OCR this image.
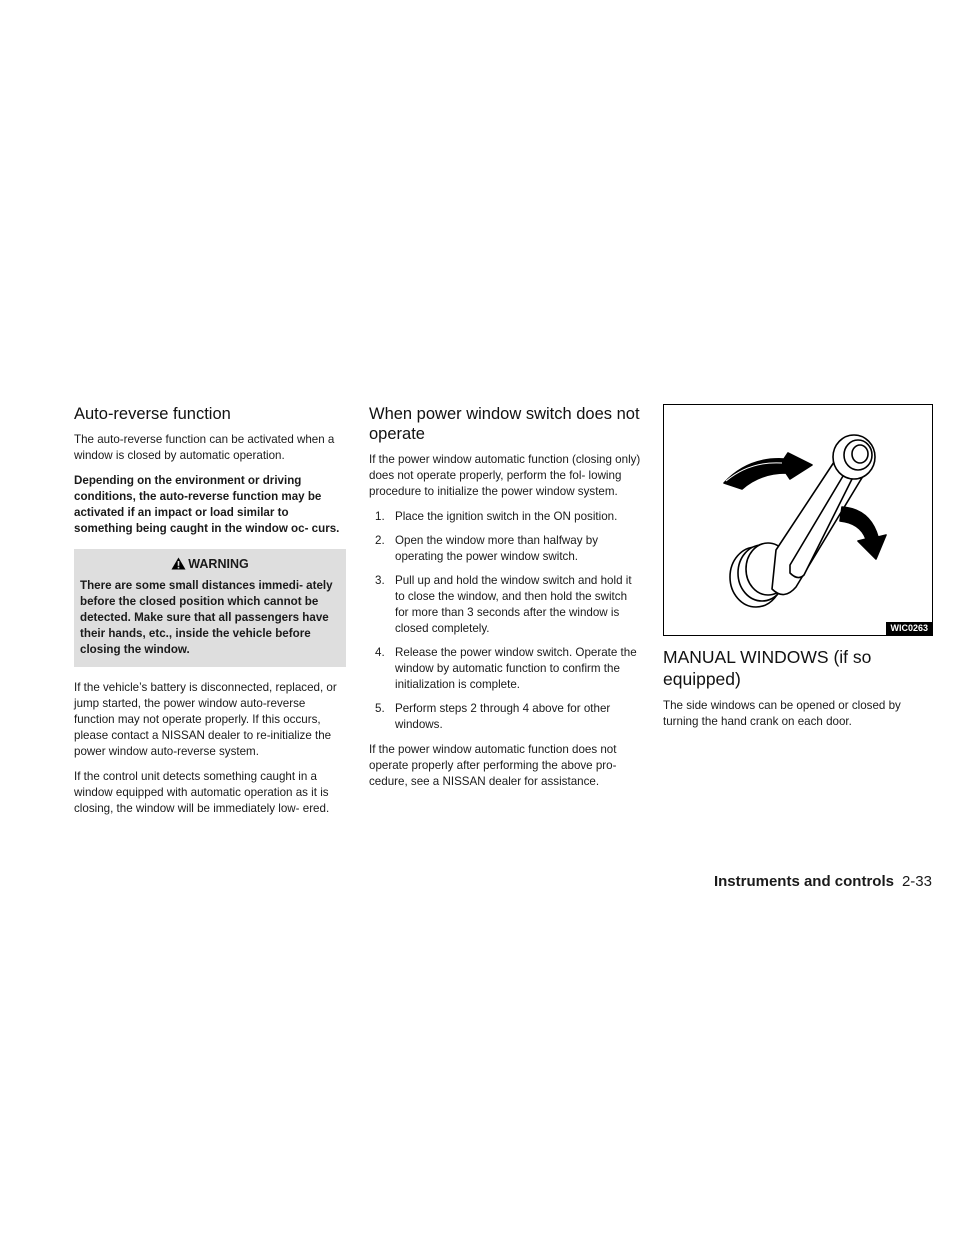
Auto-reverse function

The auto-reverse function can be activated when a window is closed by automatic operation.

Depending on the environment or driving conditions, the auto-reverse function may be activated if an impact or load similar to something being caught in the window oc- curs.

WARNING

There are some small distances immedi- ately before the closed position which cannot be detected. Make sure that all passengers have their hands, etc., inside the vehicle before closing the window.

If the vehicle’s battery is disconnected, replaced, or jump started, the power window auto-reverse function may not operate properly. If this occurs, please contact a NISSAN dealer to re-initialize the power window auto-reverse system.

If the control unit detects something caught in a window equipped with automatic operation as it is closing, the window will be immediately low- ered.

When power window switch does not operate

If the power window automatic function (closing only) does not operate properly, perform the fol- lowing procedure to initialize the power window system.

1. Place the ignition switch in the ON position.
2. Open the window more than halfway by operating the power window switch.
3. Pull up and hold the window switch and hold it to close the window, and then hold the switch for more than 3 seconds after the window is closed completely.
4. Release the power window switch. Operate the window by automatic function to confirm the initialization is complete.
5. Perform steps 2 through 4 above for other windows.

If the power window automatic function does not operate properly after performing the above pro- cedure, see a NISSAN dealer for assistance.

WIC0263
MANUAL WINDOWS (if so equipped)

The side windows can be opened or closed by turning the hand crank on each door.

Instruments and controls 2-33
